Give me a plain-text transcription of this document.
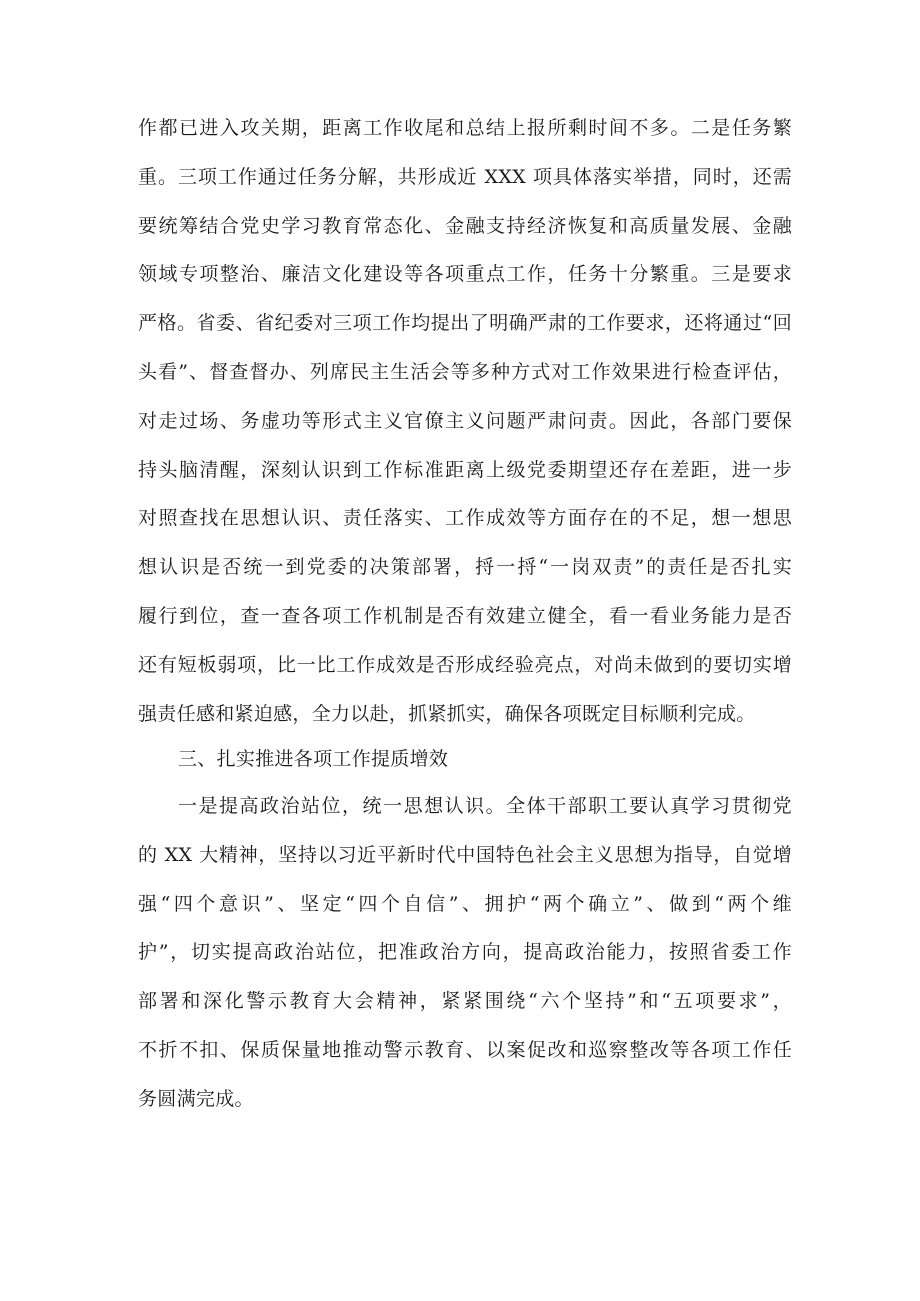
作都已进入攻关期，距离工作收尾和总结上报所剩时间不多。二是任务繁
重。三项工作通过任务分解，共形成近 XXX 项具体落实举措，同时，还需
要统筹结合党史学习教育常态化、金融支持经济恢复和高质量发展、金融
领域专项整治、廉洁文化建设等各项重点工作，任务十分繁重。三是要求
严格。省委、省纪委对三项工作均提出了明确严肃的工作要求，还将通过“回
头看”、督查督办、列席民主生活会等多种方式对工作效果进行检查评估，
对走过场、务虚功等形式主义官僚主义问题严肃问责。因此，各部门要保
持头脑清醒，深刻认识到工作标准距离上级党委期望还存在差距，进一步
对照查找在思想认识、责任落实、工作成效等方面存在的不足，想一想思
想认识是否统一到党委的决策部署，捋一捋“一岗双责”的责任是否扎实
履行到位，查一查各项工作机制是否有效建立健全，看一看业务能力是否
还有短板弱项，比一比工作成效是否形成经验亮点，对尚未做到的要切实增
强责任感和紧迫感，全力以赴，抓紧抓实，确保各项既定目标顺利完成。
三、扎实推进各项工作提质增效
一是提高政治站位，统一思想认识。全体干部职工要认真学习贯彻党
的 XX 大精神，坚持以习近平新时代中国特色社会主义思想为指导，自觉增
强“四个意识”、坚定“四个自信”、拥护“两个确立”、做到“两个维
护”，切实提高政治站位，把准政治方向，提高政治能力，按照省委工作
部署和深化警示教育大会精神，紧紧围绕“六个坚持”和“五项要求”，
不折不扣、保质保量地推动警示教育、以案促改和巡察整改等各项工作任
务圆满完成。
